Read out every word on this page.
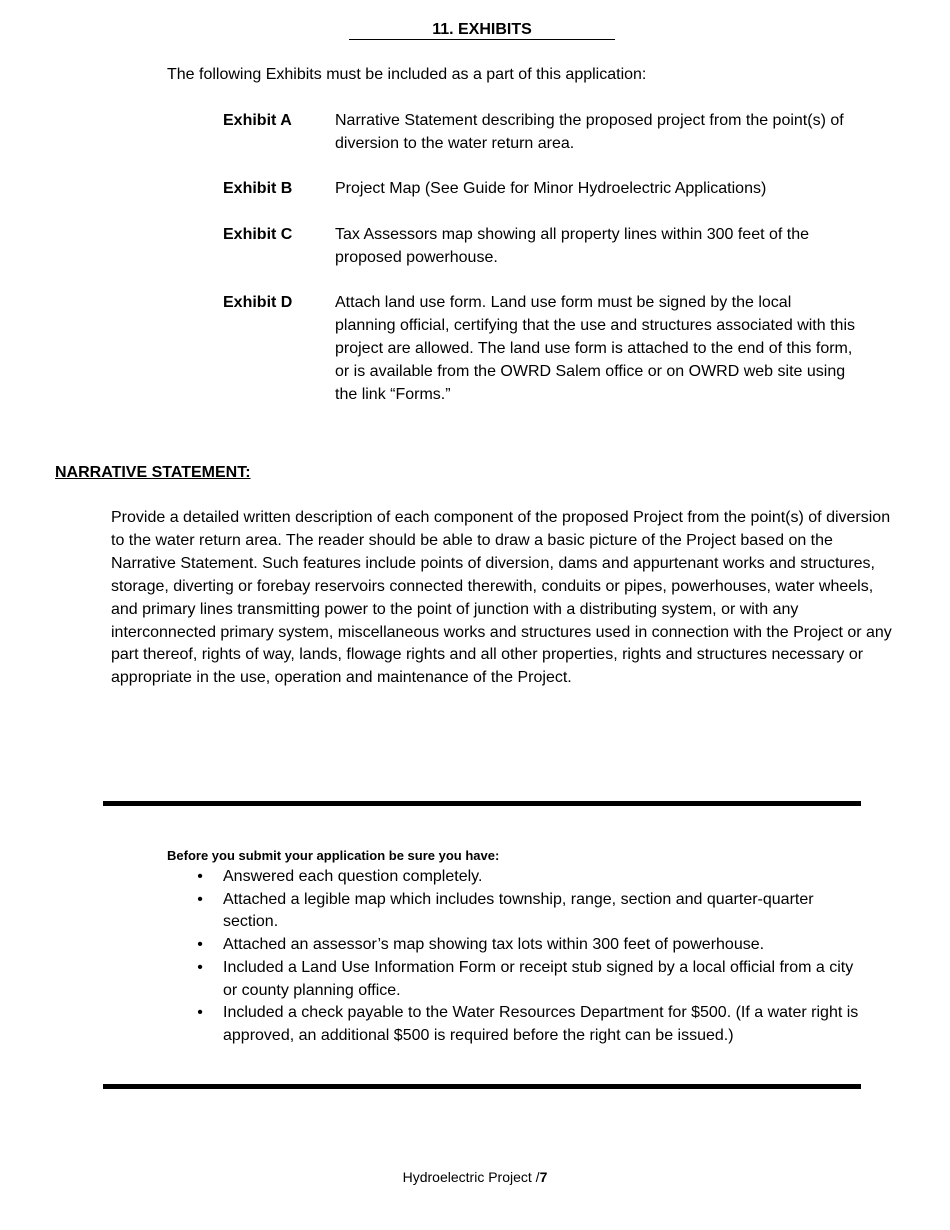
11. EXHIBITS
The following Exhibits must be included as a part of this application:
Exhibit A	Narrative Statement describing the proposed project from the point(s) of diversion to the water return area.
Exhibit B	Project Map (See Guide for Minor Hydroelectric Applications)
Exhibit C	Tax Assessors map showing all property lines within 300 feet of the proposed powerhouse.
Exhibit D	Attach land use form. Land use form must be signed by the local planning official, certifying that the use and structures associated with this project are allowed. The land use form is attached to the end of this form, or is available from the OWRD Salem office or on OWRD web site using the link “Forms.”
NARRATIVE STATEMENT:
Provide a detailed written description of each component of the proposed Project from the point(s) of diversion to the water return area. The reader should be able to draw a basic picture of the Project based on the Narrative Statement. Such features include points of diversion, dams and appurtenant works and structures, storage, diverting or forebay reservoirs connected therewith, conduits or pipes, powerhouses, water wheels, and primary lines transmitting power to the point of junction with a distributing system, or with any interconnected primary system, miscellaneous works and structures used in connection with the Project or any part thereof, rights of way, lands, flowage rights and all other properties, rights and structures necessary or appropriate in the use, operation and maintenance of the Project.
Before you submit your application be sure you have:
• Answered each question completely.
• Attached a legible map which includes township, range, section and quarter-quarter section.
• Attached an assessor’s map showing tax lots within 300 feet of powerhouse.
• Included a Land Use Information Form or receipt stub signed by a local official from a city or county planning office.
• Included a check payable to the Water Resources Department for $500. (If a water right is approved, an additional $500 is required before the right can be issued.)
Hydroelectric Project /7
